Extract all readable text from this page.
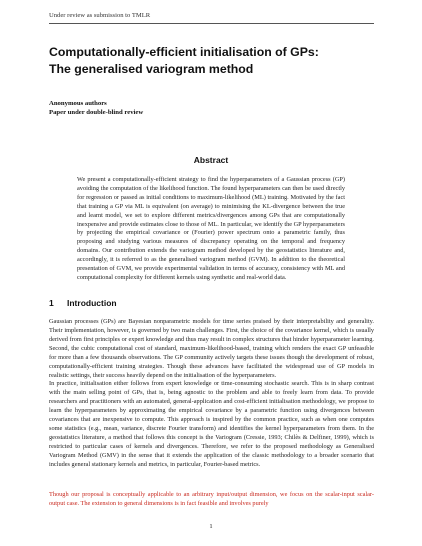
Under review as submission to TMLR
Computationally-efficient initialisation of GPs:
The generalised variogram method
Anonymous authors
Paper under double-blind review
Abstract
We present a computationally-efficient strategy to find the hyperparameters of a Gaussian process (GP) avoiding the computation of the likelihood function. The found hyperparameters can then be used directly for regression or passed as initial conditions to maximum-likelihood (ML) training. Motivated by the fact that training a GP via ML is equivalent (on average) to minimising the KL-divergence between the true and learnt model, we set to explore different metrics/divergences among GPs that are computationally inexpensive and provide estimates close to those of ML. In particular, we identify the GP hyperparameters by projecting the empirical covariance or (Fourier) power spectrum onto a parametric family, thus proposing and studying various measures of discrepancy operating on the temporal and frequency domains. Our contribution extends the variogram method developed by the geostatistics literature and, accordingly, it is referred to as the generalised variogram method (GVM). In addition to the theoretical presentation of GVM, we provide experimental validation in terms of accuracy, consistency with ML and computational complexity for different kernels using synthetic and real-world data.
1 Introduction
Gaussian processes (GPs) are Bayesian nonparametric models for time series praised by their interpretability and generality. Their implementation, however, is governed by two main challenges. First, the choice of the covariance kernel, which is usually derived from first principles or expert knowledge and thus may result in complex structures that hinder hyperparameter learning. Second, the cubic computational cost of standard, maximum-likelihood-based, training which renders the exact GP unfeasible for more than a few thousands observations. The GP community actively targets these issues though the development of robust, computationally-efficient training strategies. Though these advances have facilitated the widespread use of GP models in realistic settings, their success heavily depend on the initialisation of the hyperparameters.
In practice, initialisation either follows from expert knowledge or time-consuming stochastic search. This is in sharp contrast with the main selling point of GPs, that is, being agnostic to the problem and able to freely learn from data. To provide researchers and practitioners with an automated, general-application and cost-efficient initialisation methodology, we propose to learn the hyperparameters by approximating the empirical covariance by a parametric function using divergences between covariances that are inexpensive to compute. This approach is inspired by the common practice, such as when one computes some statistics (e.g., mean, variance, discrete Fourier transform) and identifies the kernel hyperparameters from them. In the geostatistics literature, a method that follows this concept is the Variogram (Cressie, 1993; Chilès & Delfiner, 1999), which is restricted to particular cases of kernels and divergences. Therefore, we refer to the proposed methodology as Generalised Variogram Method (GMV) in the sense that it extends the application of the classic methodology to a broader scenario that includes general stationary kernels and metrics, in particular, Fourier-based metrics.
Though our proposal is conceptually applicable to an arbitrary input/output dimension, we focus on the scalar-input scalar-output case. The extension to general dimensions is in fact feasible and involves purely
1
